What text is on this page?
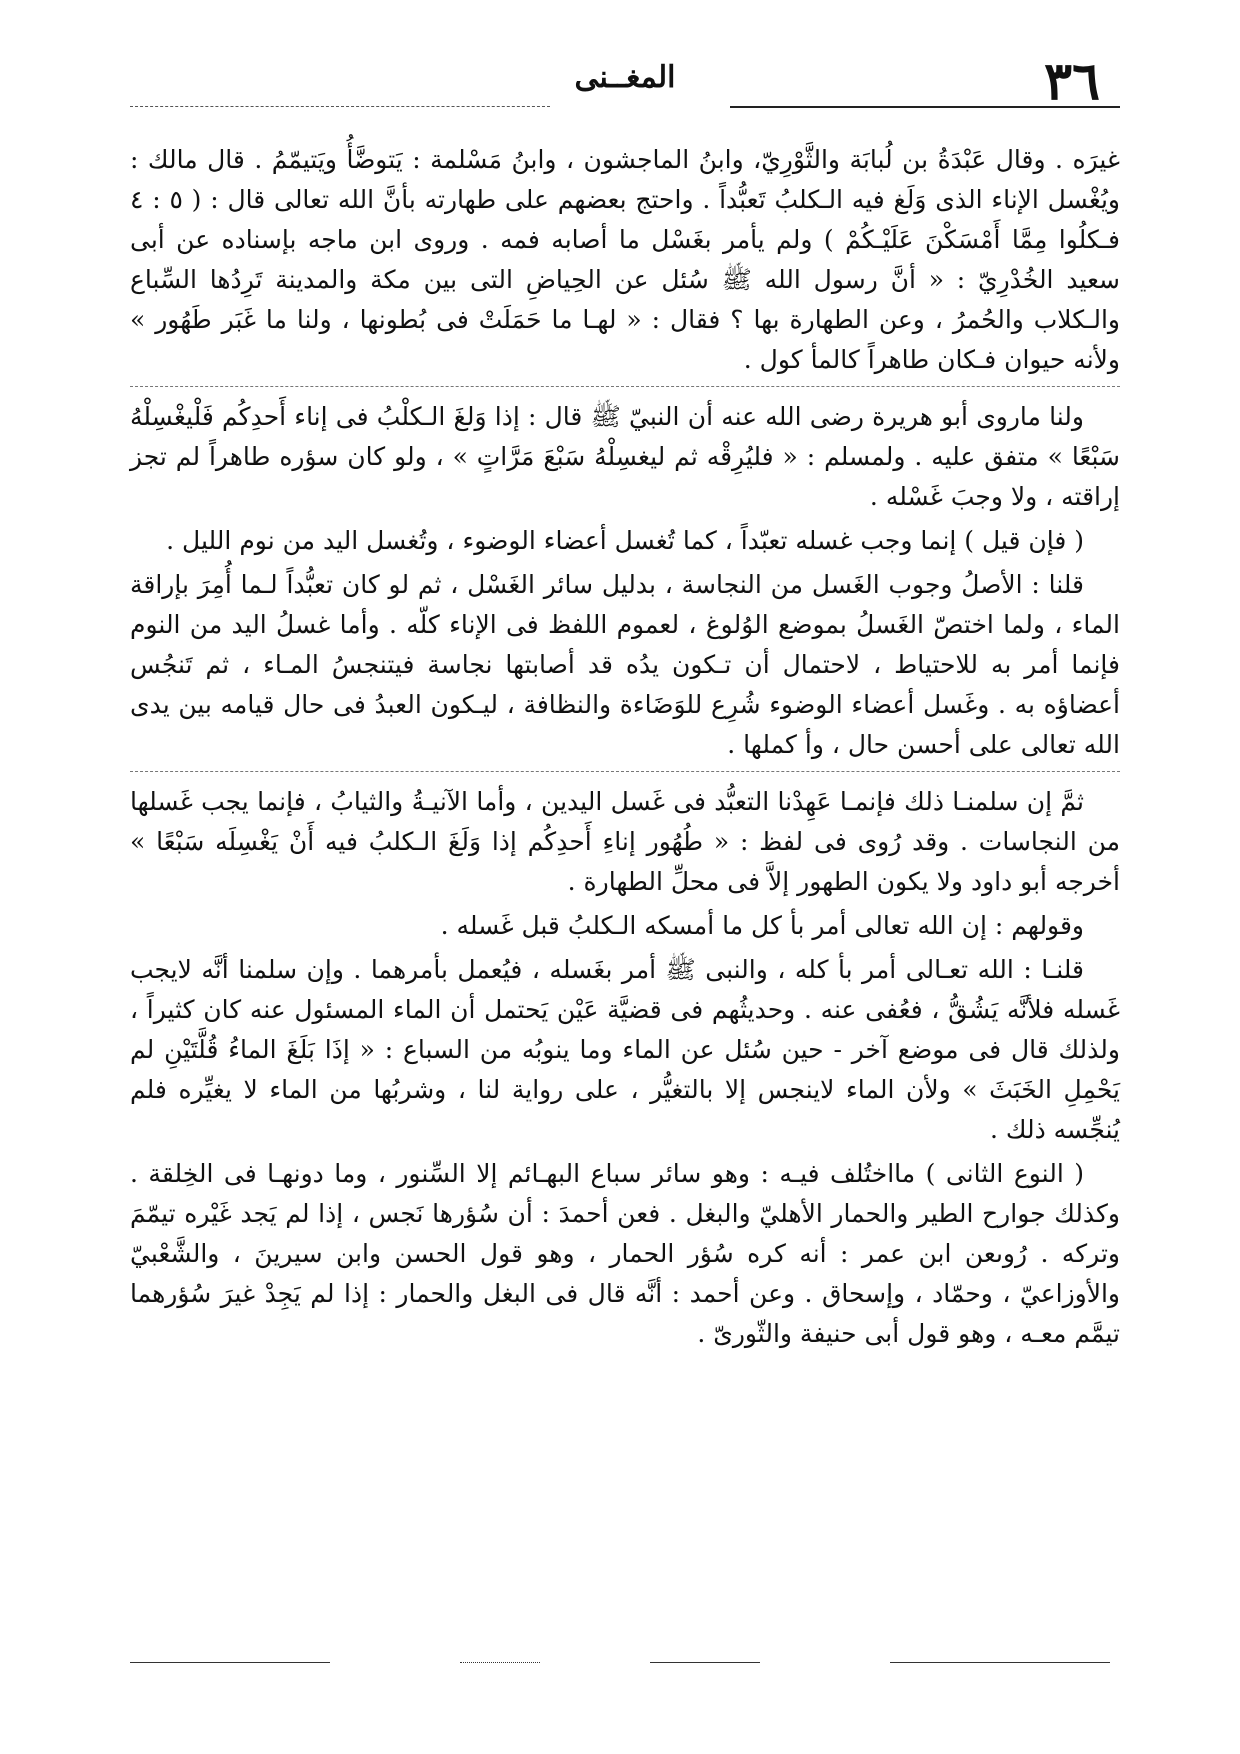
المغــنى	٣٦

غيرَه . وقال عَبْدَةُ بن لُبابَة والثَّوْرِيّ، وابنُ الماجشون ، وابنُ مَسْلمة : يَتوضَّأُ ويَتيمّمُ . قال مالك : ويُغْسل الإناء الذى وَلَغ فيه الـكلبُ تَعبُّداً . واحتج بعضهم على طهارته بأنَّ الله تعالى قال : ( ٥ : ٤ فـكلُوا مِمَّا أَمْسَكْنَ عَلَيْـكُمْ ) ولم يأمر بغَسْل ما أصابه فمه . وروى ابن ماجه بإسناده عن أبى سعيد الخُدْرِيّ : « أنَّ رسول الله ﷺ سُئل عن الحِياضِ التى بين مكة والمدينة تَرِدُها السِّباع والـكلاب والحُمرُ ، وعن الطهارة بها ؟ فقال : « لهـا ما حَمَلَتْ فى بُطونها ، ولنا ما غَبَر طَهُور » ولأنه حيوان فـكان طاهراً كالمأ كول .

ولنا ماروى أبو هريرة رضى الله عنه أن النبيّ ﷺ قال : إذا وَلغَ الـكلْبُ فى إناء أَحدِكُم فَلْيغْسِلْهُ سَبْعًا » متفق عليه . ولمسلم : « فليُرِقْه ثم ليغسِلْهُ سَبْعَ مَرَّاتٍ » ، ولو كان سؤره طاهراً لم تجز إراقته ، ولا وجبَ غَسْله .

( فإن قيل ) إنما وجب غسله تعبّداً ، كما تُغسل أعضاء الوضوء ، وتُغسل اليد من نوم الليل .

قلنا : الأصلُ وجوب الغَسل من النجاسة ، بدليل سائر الغَسْل ، ثم لو كان تعبُّداً لـما أُمِرَ بإراقة الماء ، ولما اختصّ الغَسلُ بموضع الوُلوغ ، لعموم اللفظ فى الإناء كلّه . وأما غسلُ اليد من النوم فإنما أمر به للاحتياط ، لاحتمال أن تـكون يدُه قد أصابتها نجاسة فيتنجسُ المـاء ، ثم تَنجُس أعضاؤه به . وغَسل أعضاء الوضوء شُرِع للوَضَاءة والنظافة ، ليـكون العبدُ فى حال قيامه بين يدى الله تعالى على أحسن حال ، وأ كملها .

ثمَّ إن سلمنـا ذلك فإنمـا عَهِدْنا التعبُّد فى غَسل اليدين ، وأما الآنيـةُ والثيابُ ، فإنما يجب غَسلها من النجاسات . وقد رُوى فى لفظ : « طُهُور إناءِ أَحدِكُم إذا وَلَغَ الـكلبُ فيه أَنْ يَغْسِلَه سَبْعًا » أخرجه أبو داود ولا يكون الطهور إلاَّ فى محلِّ الطهارة .

وقولهم : إن الله تعالى أمر بأ كل ما أمسكه الـكلبُ قبل غَسله .

قلنـا : الله تعـالى أمر بأ كله ، والنبى ﷺ أمر بغَسله ، فيُعمل بأمرهما . وإن سلمنا أنَّه لايجب غَسله فلأنَّه يَشُقُّ ، فعُفى عنه . وحديثُهم فى قضيَّة عَيْن يَحتمل أن الماء المسئول عنه كان كثيراً ، ولذلك قال فى موضع آخر - حين سُئل عن الماء وما ينوبُه من السباع : « إذَا بَلَغَ الماءُ قُلَّتَيْنِ لم يَحْمِلِ الخَبَثَ » ولأن الماء لاينجس إلا بالتغيُّر ، على رواية لنا ، وشربُها من الماء لا يغيِّره فلم يُنجِّسه ذلك .

( النوع الثانى ) مااختُلف فيـه : وهو سائر سباع البهـائم إلا السِّنور ، وما دونهـا فى الخِلقة . وكذلك جوارح الطير والحمار الأهليّ والبغل . فعن أحمدَ : أن سُؤرها نَجس ، إذا لم يَجد غَيْره تيمّمَ وتركه . رُوىعن ابن عمر : أنه كره سُؤر الحمار ، وهو قول الحسن وابن سيرينَ ، والشَّعْبيّ والأوزاعيّ ، وحمّاد ، وإسحاق . وعن أحمد : أنَّه قال فى البغل والحمار : إذا لم يَجِدْ غيرَ سُؤرهما تيمَّم معـه ، وهو قول أبى حنيفة والثّورىّ .
